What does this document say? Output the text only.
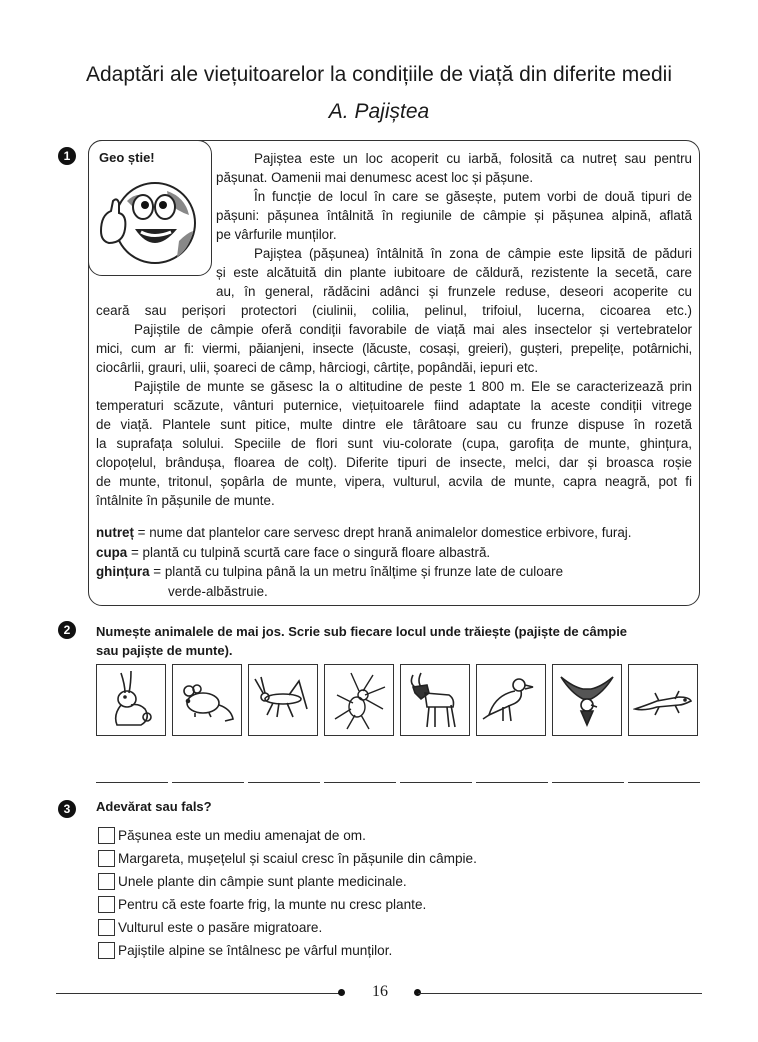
Adaptări ale viețuitoarelor la condițiile de viață din diferite medii
A. Pajiștea
1	Geo știe!	Pajiștea este un loc acoperit cu iarbă, folosită ca nutreț sau pentru
pășunat. Oamenii mai denumesc acest loc și pășune.
În funcție de locul în care se găsește, putem vorbi de două tipuri de
pășuni: pășunea întâlnită în regiunile de câmpie și pășunea alpină, aflată
pe vârfurile munților.
Pajiștea (pășunea) întâlnită în zona de câmpie este lipsită de păduri
și este alcătuită din plante iubitoare de căldură, rezistente la secetă, care
au, în general, rădăcini adânci și frunzele reduse, deseori acoperite cu
ceară sau perișori protectori (ciulinii, colilia, pelinul, trifoiul, lucerna, cicoarea etc.)
Pajiștile de câmpie oferă condiții favorabile de viață mai ales insectelor și vertebratelor
mici, cum ar fi: viermi, păianjeni, insecte (lăcuste, cosași, greieri), gușteri, prepelițe, potârnichi,
ciocârlii, grauri, ulii, șoareci de câmp, hârciogi, cârtițe, popândăi, iepuri etc.
Pajiștile de munte se găsesc la o altitudine de peste 1 800 m. Ele se caracterizează prin
temperaturi scăzute, vânturi puternice, viețuitoarele fiind adaptate la aceste condiții vitrege
de viață. Plantele sunt pitice, multe dintre ele târâtoare sau cu frunze dispuse în rozetă
la suprafața solului. Speciile de flori sunt viu-colorate (cupa, garofița de munte, ghințura,
clopoțelul, brândușa, floarea de colț). Diferite tipuri de insecte, melci, dar și broasca roșie
de munte, tritonul, șopârla de munte, vipera, vulturul, acvila de munte, capra neagră, pot fi
întâlnite în pășunile de munte.
nutreț = nume dat plantelor care servesc drept hrană animalelor domestice erbivore, furaj.
cupa = plantă cu tulpină scurtă care face o singură floare albastră.
ghințura = plantă cu tulpina până la un metru înălțime și frunze late de culoare
verde-albăstruie.
2	Numește animalele de mai jos. Scrie sub fiecare locul unde trăiește (pajiște de câmpie
sau pajiște de munte).
3	Adevărat sau fals?
Pășunea este un mediu amenajat de om.
Margareta, mușețelul și scaiul cresc în pășunile din câmpie.
Unele plante din câmpie sunt plante medicinale.
Pentru că este foarte frig, la munte nu cresc plante.
Vulturul este o pasăre migratoare.
Pajiștile alpine se întâlnesc pe vârful munților.
16
